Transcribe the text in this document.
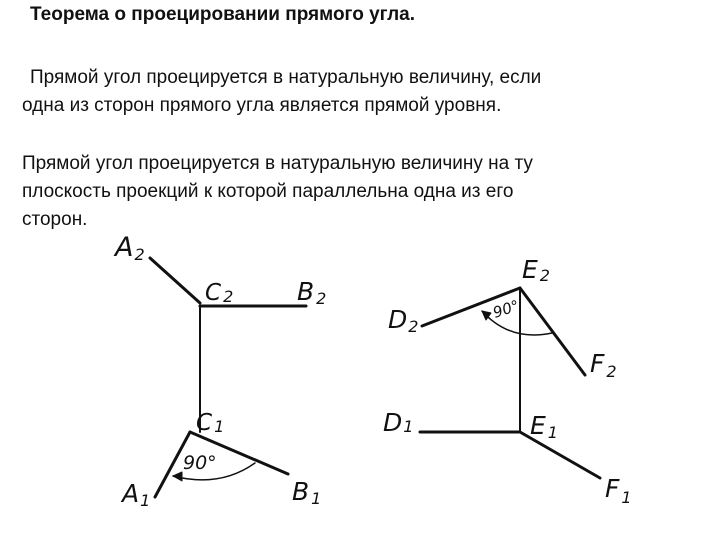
Теорема о проецировании прямого угла.
Прямой угол проецируется в натуральную величину, если
одна из сторон прямого угла является прямой уровня.
Прямой угол проецируется в натуральную величину на ту
плоскость проекций к которой параллельна одна из его
сторон.
A2
C 2	B 2
C 1
A1	B 1
90°
E 2
D2
F $_2$
D1	E 1
F $_1$
90°
